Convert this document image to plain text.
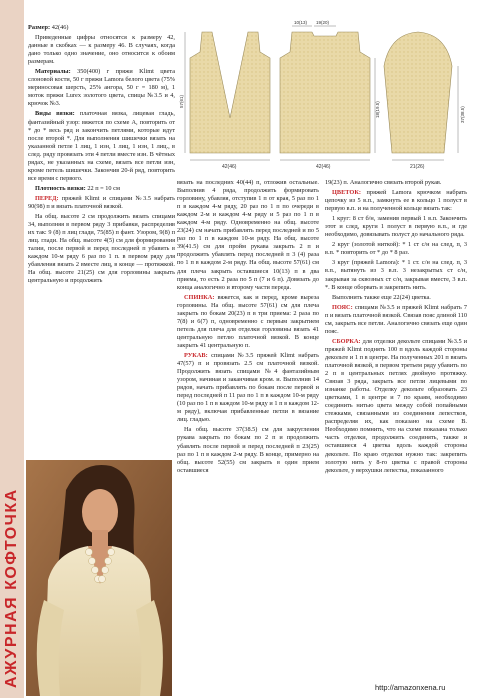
АЖУРНАЯ КОФТОЧКА
42(46)	42(46)	21(26)
10(13) 19(20)
57(61)	18(19.5)	37(38.5)

Размер: 42(46)

Приведенные цифры относятся к размеру 42, данные в скобках — к размеру 46. В случаях, когда дано только одно значение, оно относится к обоим размерам.

Материалы: 350(400) г пряжи Klimt цвета слоновой кости, 50 г пряжи Lamora белого цвета (75% мериносовая шерсть, 25% ангора, 50 г = 180 м), 1 моток пряжи Lurex золотого цвета, спицы №3.5 и 4, крючок №3.

Виды вязки: платочная вязка, лицевая гладь, фантазийный узор: вяжется по схеме А, повторить от * до * весь ряд и закончить петлями, которые идут после второй *. Для выполнения шишечки вязать на указанной петле 1 лиц, 1 изн, 1 лиц, 1 изн, 1 лиц., в след. ряду провязать эти 4 петли вместе изн. В чётных рядах, не указанных на схеме, вязать все петли изн, кроме петель шишечки. Закончив 20-й ряд, повторить все время с первого.

Плотность вязки: 22 п = 10 см

ПЕРЕД: пряжей Klimt и спицами №3.5 набрать 90(98) п и вязать платочной вязкой.

На общ. высоте 2 см продолжить вязать спицами 34, выполняя в первом ряду 3 прибавки, распределив их так: 9 (8) п лиц глади, 75(85) п фант. Узором, 9(8) п лиц. глади. На общ. высоте 4(5) см для формирования талии, после первой и перед последней п убавить в каждом 10-м ряду 6 раз по 1 п. в первом ряду для убавления вязать 2 вместе лиц, в конце — протяжкой. На общ. высоте 21(25) см для горловины закрыть центральную и продолжить

вязать на последних 40(44) п, отложив остальные. Выполнив 4 ряда, продолжить формировать горловину, убавляя, отступив 1 п от края, 5 раз по 1 п в каждом 4-м ряду, 20 раз по 1 п по очереди в каждом 2-м и каждом 4-м ряду и 5 раз по 1 п в каждом 4-м ряду. Одновременно на общ. высоте 23(24) см начать прибавлять перед последней и по 5 раз по 1 п в каждом 10-м ряду. На общ. высоте 39(41.5) см для пройм рукава закрыть 2 п и продолжить убавлять перед последней п 3 (4) раза по 1 п в каждом 2-м ряду. На общ. высоте 57(61) см для плеча закрыть оставшиеся 10(13) п в два приема, то есть 2 раза по 5 п (7 и 6 п). Довязать до конца аналогично и второму части переда.

СПИНКА: вяжется, как и перед, кроме выреза горловины. На общ. высоте 57(61) см для плеча закрыть по бокам 20(23) п в три приема: 2 раза по 7(8) и 6(7) п, одновременно с первым закрытием петель для плеча для отделки горловины вязать 41 центральную петлю платочной вязкой. В конце закрыть 41 центральную п.

РУКАВ: спицами №3.5 пряжей Klimt набрать 47(57) п и провязать 2.5 см платочной вязкой. Продолжить вязать спицами №4 фантазийным узором, начиная и заканчивая кром. и. Выполнив 14 рядов, начать прибавлять по бокам после первой и перед последней п 11 раз по 1 п в каждом 10-м ряду (10 раз по 1 п в каждом 10-м ряду и 1 п в каждом 12-м ряду), включая прибавленные петли в вязание лиц. гладью.

На общ. высоте 37(38.5) см для закругления рукава закрыть по бокам по 2 п и продолжить убавлять после первой и перед последней п 23(25) раз по 1 п в каждом 2-м ряду. В конце, примерно на общ. высоте 52(55) см закрыть в один прием оставшиеся

19(23) п. Аналогично связать второй рукав.

ЦВЕТОК: пряжей Lamora крючком набрать цепочку из 5 в.п., замкнуть ее в кольцо 1 полуст в первую в.п. и на полученной кольце вязать так:

1 круг: 8 ст б/н, заменив первый 1 в.п. Закончить этот и след, круги 1 полуст в первую в.п., и где необходимо, довязывать полуст до начального ряда.

2 круг (золотой ниткой): * 1 ст с/н на след, п, 3 в.п. * повторить от * до * 8 раз.

3 круг (пряжей Lamora): * 1 ст. с/н на след. п, 3 в.п., вытянуть из 3 в.п. 3 незакрытых ст с/н, закрывая за сквозных ст с/н, закрывая вместе, 3 в.п. *. В конце оборвать и закрепить нить.

Выполнить также еще 22(24) цветка.

ПОЯС: спицами №3.5 и пряжей Klimt набрать 7 п и вязать платочной вязкой. Связав пояс длиной 110 см, закрыть все петли. Аналогично связать еще один пояс.

СБОРКА: для отделки декольте спицами №3.5 и пряжей Klimt поднять 100 п вдоль каждой стороны декольте и 1 п в центре. На полученных 201 п вязать платочной вязкой, в первом третьем ряду убавить по 2 п в центральных петлях двойную протяжку. Связав 3 ряда, закрыть все петли лицевыми по изнанке работы. Отделку декольте образовать 23 цветками, 1 в центре и 7 по краям, необходимо соединить нитью цвета между собой попайными стежками, связанными из соединения лепестков, распределяя их, как показано на схеме В. Необходимо помнить, что на схеме показана только часть отделки, продолжить соединять, также и оставшиеся 4 цветка вдоль каждой стороны декольте. По краю отделки нужно так: закрепить золотую нить у 8-го цветка с правой стороны декольте, у верхушки лепестка, показанного

http://amazonxena.ru
